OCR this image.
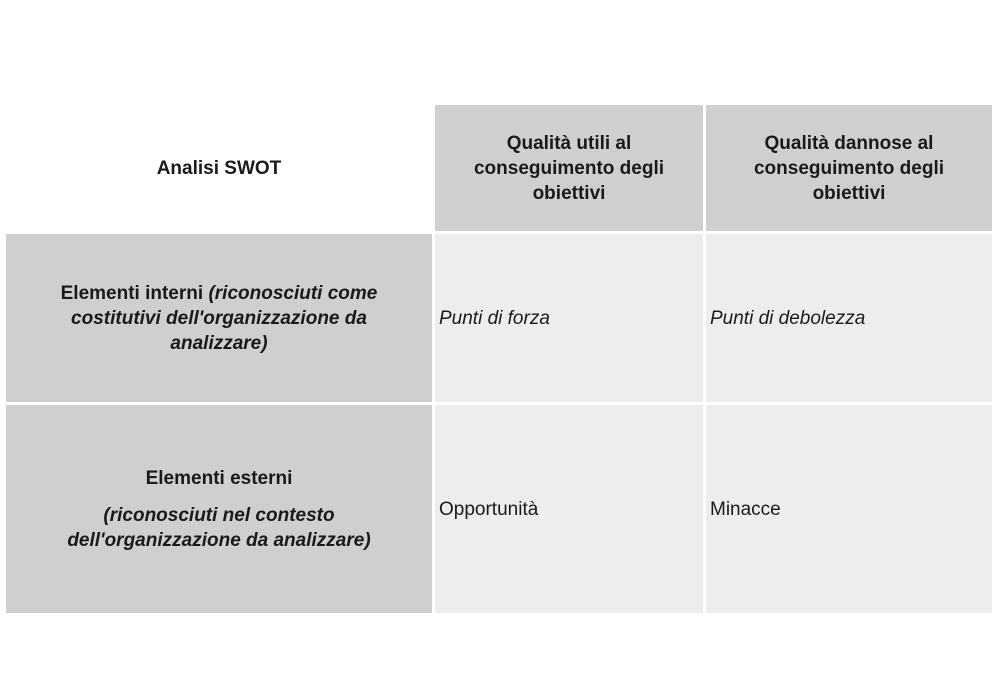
Analisi SWOT
Qualità utili al conseguimento degli obiettivi
Qualità dannose al conseguimento degli obiettivi
Elementi interni (riconosciuti come costitutivi dell'organizzazione da analizzare)
Punti di forza	Punti di debolezza
Elementi esterni
(riconosciuti nel contesto dell'organizzazione da analizzare)
Opportunità	Minacce
